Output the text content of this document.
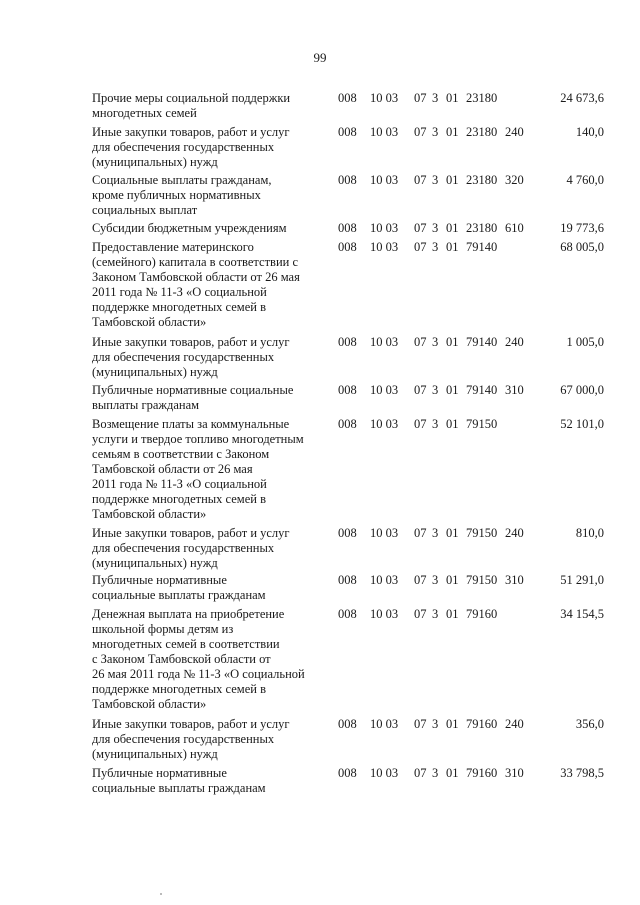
99
Прочие меры социальной поддержки
многодетных семей
008 10 03 07 3 01 23180	24 673,6
Иные закупки товаров, работ и услуг
для обеспечения государственных
(муниципальных) нужд
008 10 03 07 3 01 23180 240	140,0
Социальные выплаты гражданам,
кроме публичных нормативных
социальных выплат
008 10 03 07 3 01 23180 320	4 760,0
Субсидии бюджетным учреждениям	008 10 03 07 3 01 23180 610	19 773,6
Предоставление материнского
(семейного) капитала в соответствии с
Законом Тамбовской области от 26 мая
2011 года № 11-З «О социальной
поддержке многодетных семей в
Тамбовской области»
008 10 03 07 3 01 79140	68 005,0
Иные закупки товаров, работ и услуг
для обеспечения государственных
(муниципальных) нужд
008 10 03 07 3 01 79140 240	1 005,0
Публичные нормативные социальные
выплаты гражданам
008 10 03 07 3 01 79140 310	67 000,0
Возмещение платы за коммунальные
услуги и твердое топливо многодетным
семьям в соответствии с Законом
Тамбовской области от 26 мая
2011 года № 11-З «О социальной
поддержке многодетных семей в
Тамбовской области»
008 10 03 07 3 01 79150	52 101,0
Иные закупки товаров, работ и услуг
для обеспечения государственных
(муниципальных) нужд
008 10 03 07 3 01 79150 240	810,0
Публичные нормативные
социальные выплаты гражданам
008 10 03 07 3 01 79150 310	51 291,0
Денежная выплата на приобретение
школьной формы детям из
многодетных семей в соответствии
с Законом Тамбовской области от
26 мая 2011 года № 11-З «О социальной
поддержке многодетных семей в
Тамбовской области»
008 10 03 07 3 01 79160	34 154,5
Иные закупки товаров, работ и услуг
для обеспечения государственных
(муниципальных) нужд
008 10 03 07 3 01 79160 240	356,0
Публичные нормативные
социальные выплаты гражданам
008 10 03 07 3 01 79160 310	33 798,5
